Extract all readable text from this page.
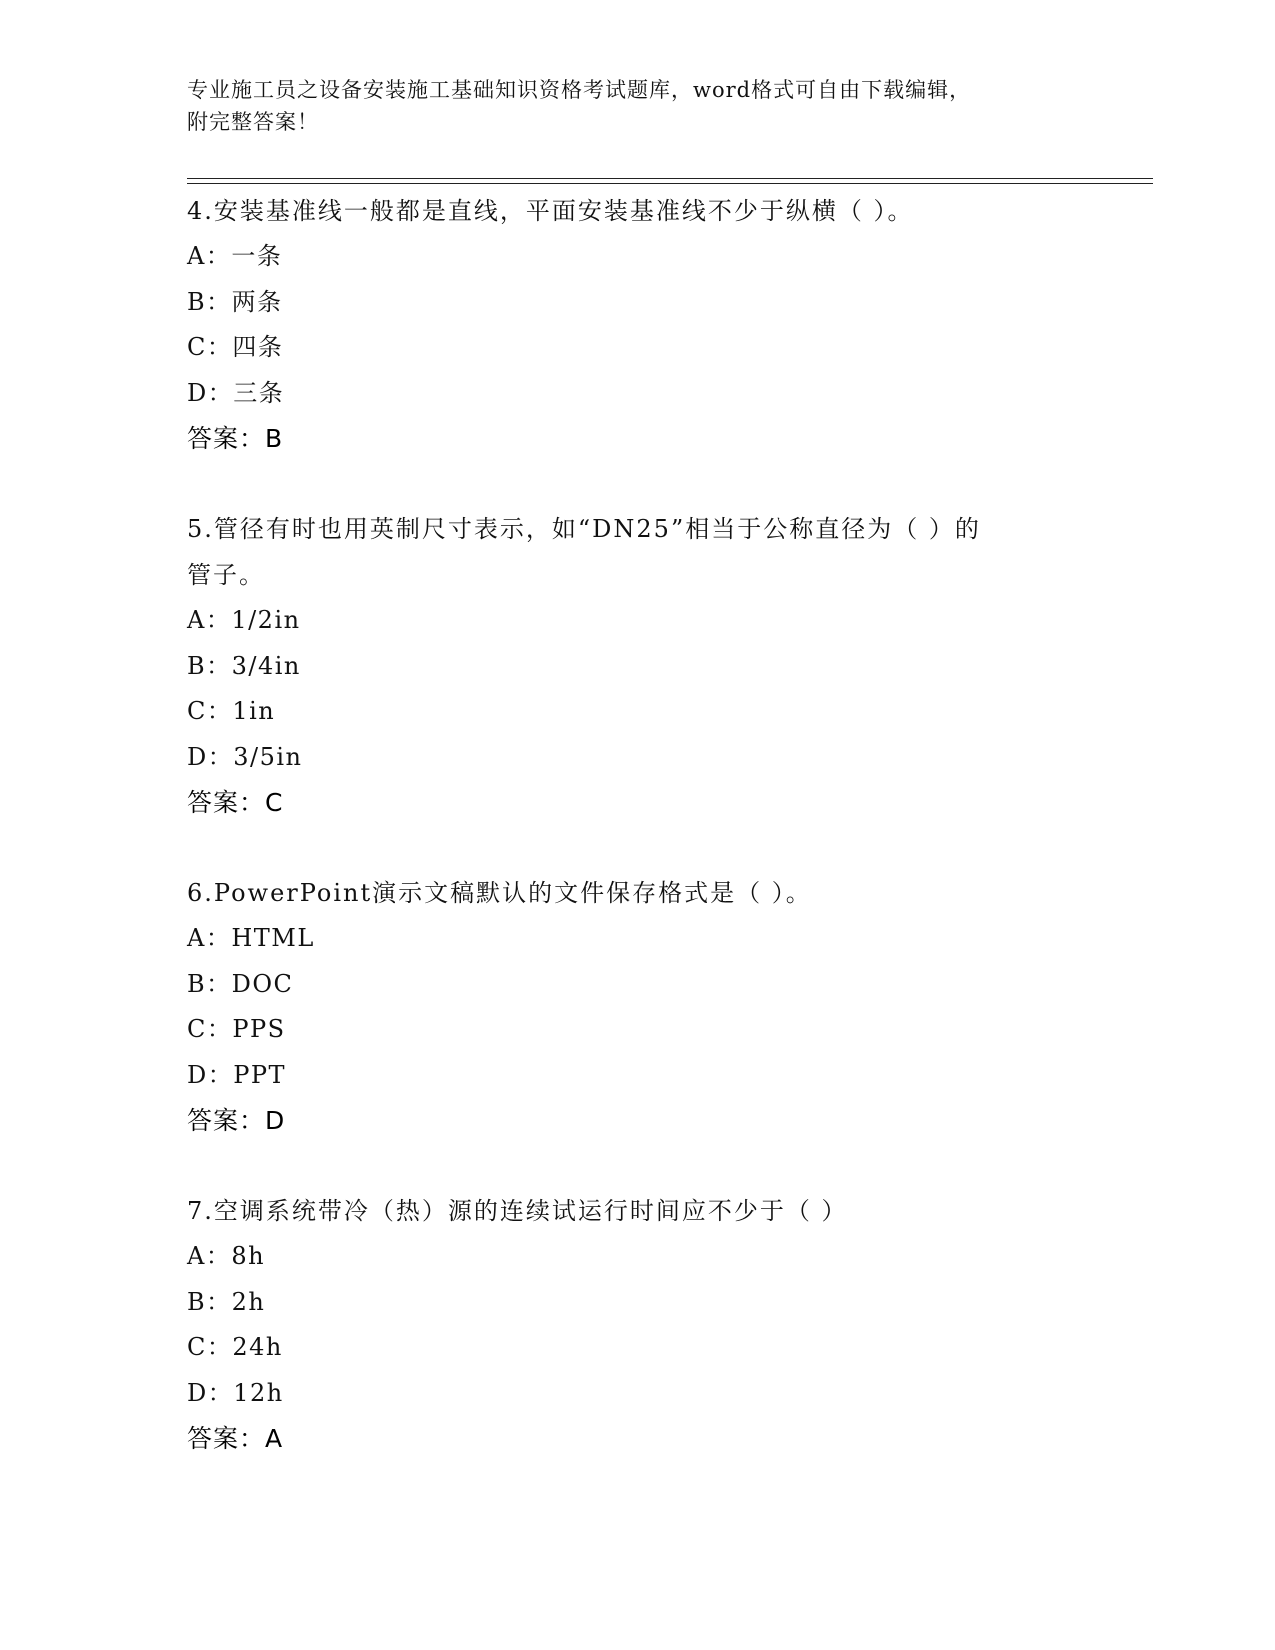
专业施工员之设备安装施工基础知识资格考试题库，word格式可自由下载编辑，
附完整答案！

4.安装基准线一般都是直线，平面安装基准线不少于纵横（ ）。

A：一条

B：两条

C：四条

D：三条

答案：B

5.管径有时也用英制尺寸表示，如“DN25”相当于公称直径为（ ）的

管子。

A：1/2in

B：3/4in

C：1in

D：3/5in

答案：C

6.PowerPoint演示文稿默认的文件保存格式是（ ）。

A：HTML

B：DOC

C：PPS

D：PPT

答案：D

7.空调系统带冷（热）源的连续试运行时间应不少于（ ）

A：8h

B：2h

C：24h

D：12h

答案：A
